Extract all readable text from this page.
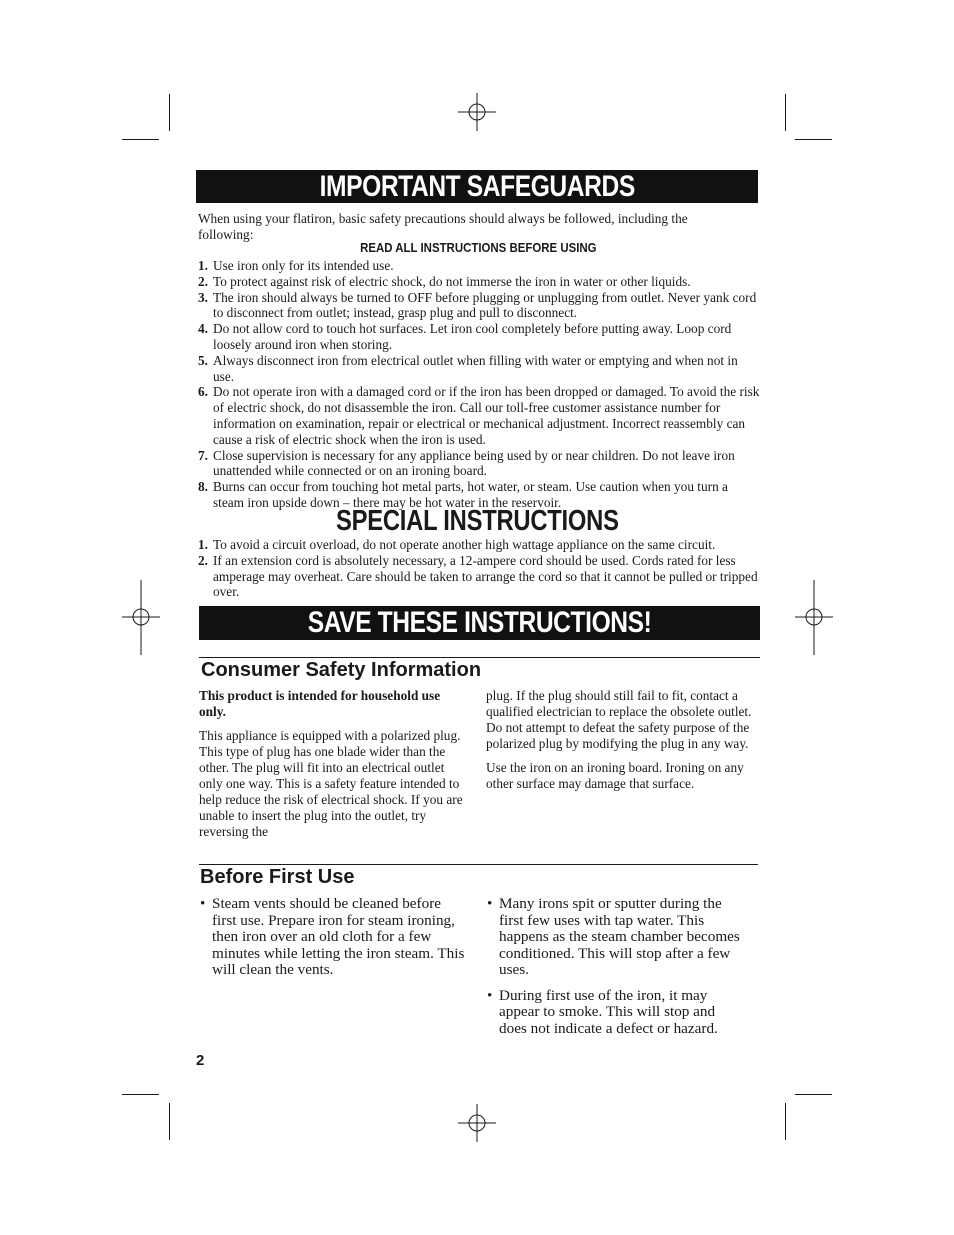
IMPORTANT SAFEGUARDS
When using your flatiron, basic safety precautions should always be followed, including the following:
READ ALL INSTRUCTIONS BEFORE USING
1. Use iron only for its intended use.
2. To protect against risk of electric shock, do not immerse the iron in water or other liquids.
3. The iron should always be turned to OFF before plugging or unplugging from outlet. Never yank cord to disconnect from outlet; instead, grasp plug and pull to disconnect.
4. Do not allow cord to touch hot surfaces. Let iron cool completely before putting away. Loop cord loosely around iron when storing.
5. Always disconnect iron from electrical outlet when filling with water or emptying and when not in use.
6. Do not operate iron with a damaged cord or if the iron has been dropped or damaged. To avoid the risk of electric shock, do not disassemble the iron. Call our toll-free customer assistance number for information on examination, repair or electrical or mechanical adjustment. Incorrect reassembly can cause a risk of electric shock when the iron is used.
7. Close supervision is necessary for any appliance being used by or near children. Do not leave iron unattended while connected or on an ironing board.
8. Burns can occur from touching hot metal parts, hot water, or steam. Use caution when you turn a steam iron upside down – there may be hot water in the reservoir.
SPECIAL INSTRUCTIONS
1. To avoid a circuit overload, do not operate another high wattage appliance on the same circuit.
2. If an extension cord is absolutely necessary, a 12-ampere cord should be used. Cords rated for less amperage may overheat. Care should be taken to arrange the cord so that it cannot be pulled or tripped over.
SAVE THESE INSTRUCTIONS!
Consumer Safety Information

This product is intended for household use only.

This appliance is equipped with a polarized plug. This type of plug has one blade wider than the other. The plug will fit into an electrical outlet only one way. This is a safety feature intended to help reduce the risk of electrical shock. If you are unable to insert the plug into the outlet, try reversing the

plug. If the plug should still fail to fit, contact a qualified electrician to replace the obsolete outlet. Do not attempt to defeat the safety purpose of the polarized plug by modifying the plug in any way.

Use the iron on an ironing board. Ironing on any other surface may damage that surface.

Before First Use
• Steam vents should be cleaned before first use. Prepare iron for steam ironing, then iron over an old cloth for a few minutes while letting the iron steam. This will clean the vents.
• Many irons spit or sputter during the first few uses with tap water. This happens as the steam chamber becomes conditioned. This will stop after a few uses.
• During first use of the iron, it may appear to smoke. This will stop and does not indicate a defect or hazard.
2
